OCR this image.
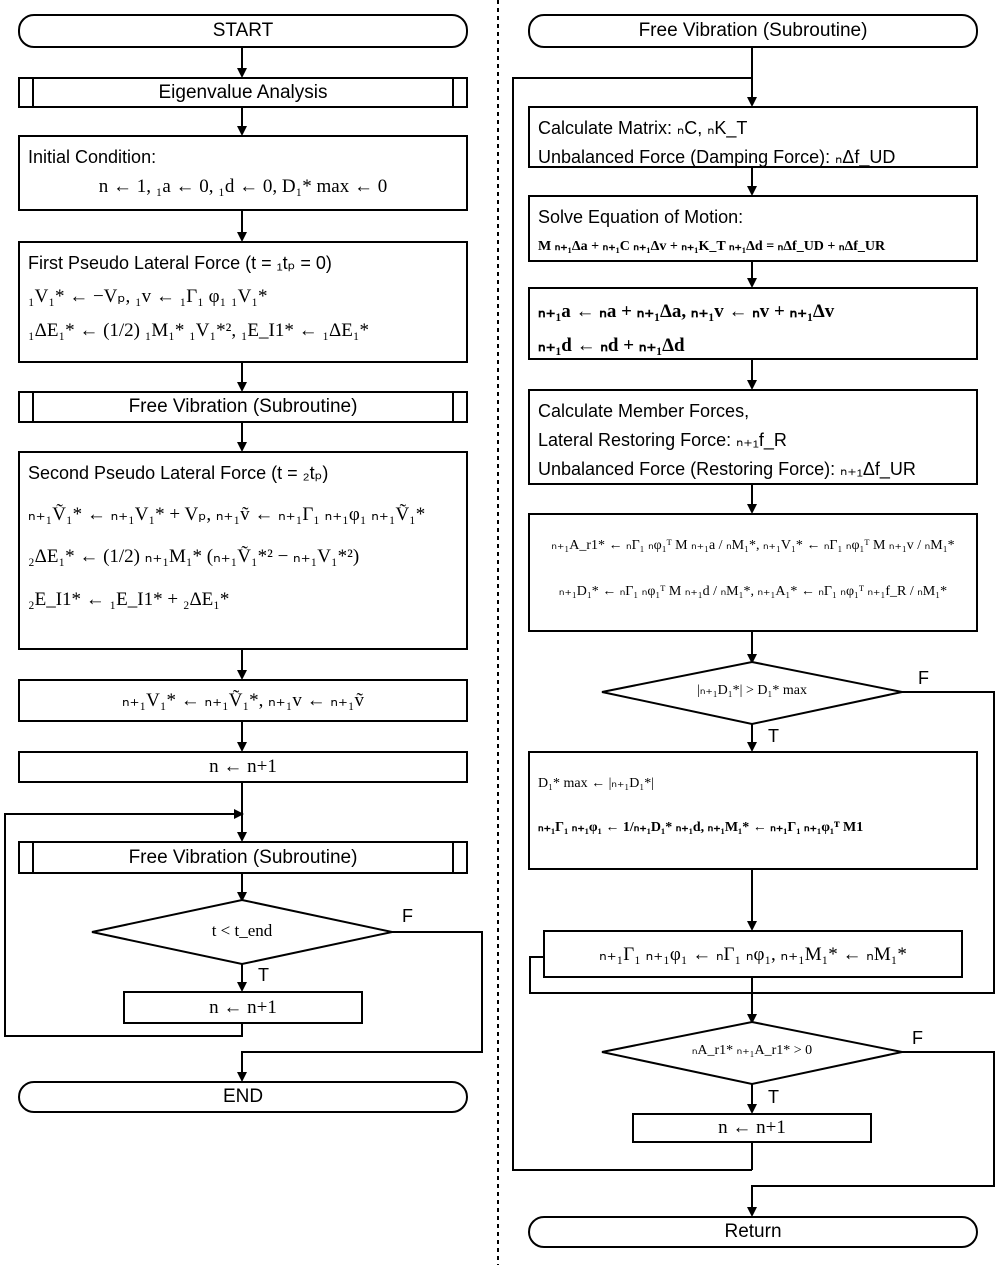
START
Eigenvalue Analysis
Initial Condition:
n ← 1, ₁a ← 0, ₁d ← 0, D₁* max ← 0
First Pseudo Lateral Force (t = ₁tₚ = 0)
₁V₁* ← −Vₚ, ₁v ← ₁Γ₁ φ₁ ₁V₁*
₁ΔE₁* ← (1/2) ₁M₁* ₁V₁*², ₁E_I1* ← ₁ΔE₁*
Free Vibration (Subroutine)
Second Pseudo Lateral Force (t = ₂tₚ)
ₙ₊₁Ṽ₁* ← ₙ₊₁V₁* + Vₚ, ₙ₊₁ṽ ← ₙ₊₁Γ₁ ₙ₊₁φ₁ ₙ₊₁Ṽ₁*
₂ΔE₁* ← (1/2) ₙ₊₁M₁* (ₙ₊₁Ṽ₁*² − ₙ₊₁V₁*²)
₂E_I1* ← ₁E_I1* + ₂ΔE₁*
ₙ₊₁V₁* ← ₙ₊₁Ṽ₁*, ₙ₊₁v ← ₙ₊₁ṽ
n ← n+1
Free Vibration (Subroutine)
t < t_end
F
T
n ← n+1
END
Free Vibration (Subroutine)
Calculate Matrix: ₙC, ₙK_T
Unbalanced Force (Damping Force): ₙΔf_UD
Solve Equation of Motion:
M ₙ₊₁Δa + ₙ₊₁C ₙ₊₁Δv + ₙ₊₁K_T ₙ₊₁Δd = ₙΔf_UD + ₙΔf_UR
ₙ₊₁a ← ₙa + ₙ₊₁Δa, ₙ₊₁v ← ₙv + ₙ₊₁Δv
ₙ₊₁d ← ₙd + ₙ₊₁Δd
Calculate Member Forces,
Lateral Restoring Force: ₙ₊₁f_R
Unbalanced Force (Restoring Force): ₙ₊₁Δf_UR
ₙ₊₁A_r1* ← ₙΓ₁ ₙφ₁ᵀ M ₙ₊₁a / ₙM₁*, ₙ₊₁V₁* ← ₙΓ₁ ₙφ₁ᵀ M ₙ₊₁v / ₙM₁*
ₙ₊₁D₁* ← ₙΓ₁ ₙφ₁ᵀ M ₙ₊₁d / ₙM₁*, ₙ₊₁A₁* ← ₙΓ₁ ₙφ₁ᵀ ₙ₊₁f_R / ₙM₁*
|ₙ₊₁D₁*| > D₁* max
F
T
D₁* max ← |ₙ₊₁D₁*|
ₙ₊₁Γ₁ ₙ₊₁φ₁ ← 1/ₙ₊₁D₁* ₙ₊₁d, ₙ₊₁M₁* ← ₙ₊₁Γ₁ ₙ₊₁φ₁ᵀ M1
ₙ₊₁Γ₁ ₙ₊₁φ₁ ← ₙΓ₁ ₙφ₁, ₙ₊₁M₁* ← ₙM₁*
ₙA_r1* ₙ₊₁A_r1* > 0
F
T
n ← n+1
Return
